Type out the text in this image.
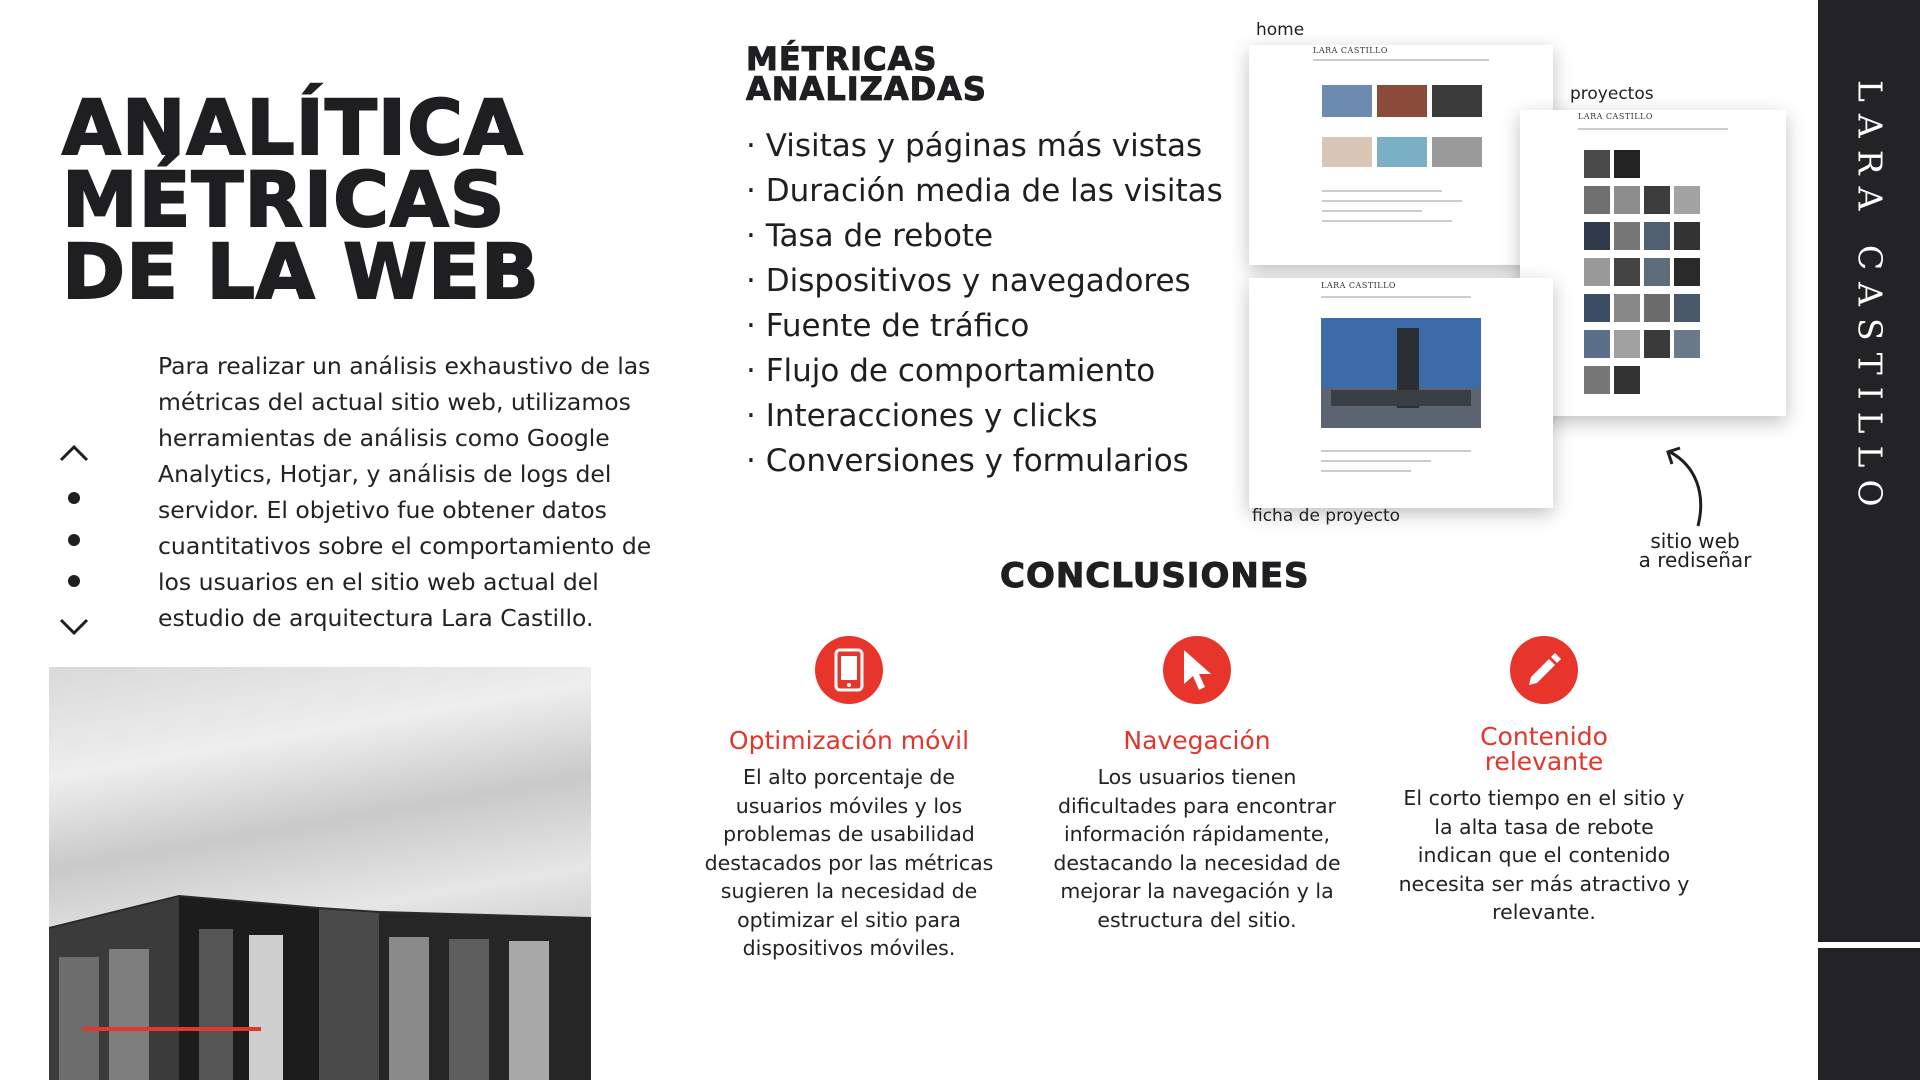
ANALÍTICA
MÉTRICAS
DE LA WEB

Para realizar un análisis exhaustivo de las métricas del actual sitio web, utilizamos herramientas de análisis como Google Analytics, Hotjar, y análisis de logs del servidor. El objetivo fue obtener datos cuantitativos sobre el comportamiento de los usuarios en el sitio web actual del estudio de arquitectura Lara Castillo.

MÉTRICAS
ANALIZADAS
· Visitas y páginas más vistas
· Duración media de las visitas
· Tasa de rebote
· Dispositivos y navegadores
· Fuente de tráfico
· Flujo de comportamiento
· Interacciones y clicks
· Conversiones y formularios
home
LARA CASTILLO
proyectos
LARA CASTILLO
LARA CASTILLO
ficha de proyecto
sitio web
a rediseñar
CONCLUSIONES
Optimización móvil

El alto porcentaje de usuarios móviles y los problemas de usabilidad destacados por las métricas sugieren la necesidad de optimizar el sitio para dispositivos móviles.

Navegación

Los usuarios tienen dificultades para encontrar información rápidamente, destacando la necesidad de mejorar la navegación y la estructura del sitio.

Contenido
relevante

El corto tiempo en el sitio y la alta tasa de rebote indican que el contenido necesita ser más atractivo y relevante.

LARA CASTILLO
